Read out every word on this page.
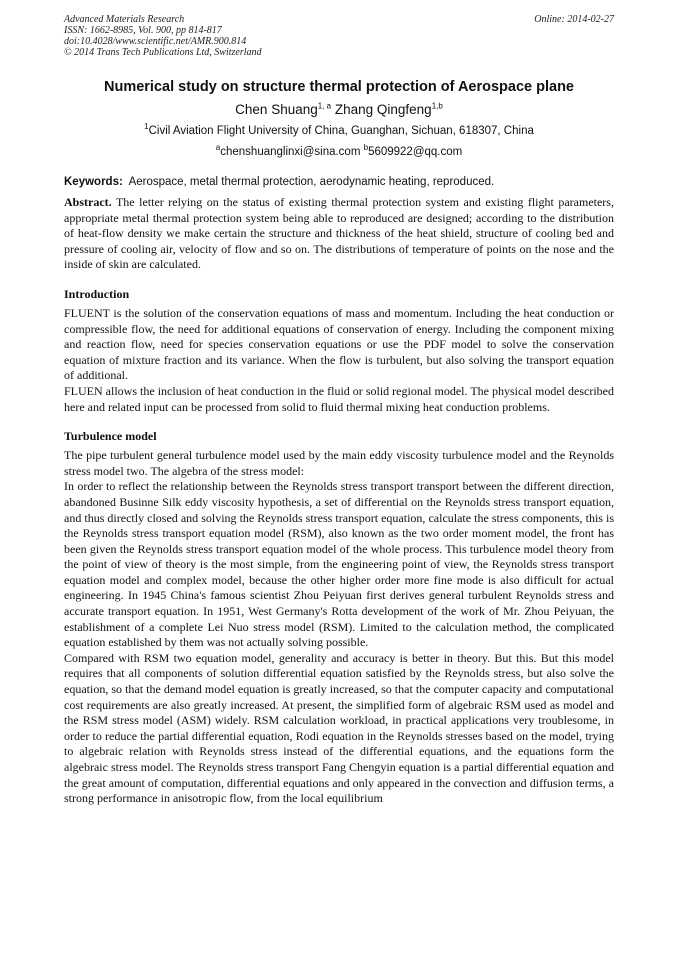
Advanced Materials Research
ISSN: 1662-8985, Vol. 900, pp 814-817
doi:10.4028/www.scientific.net/AMR.900.814
© 2014 Trans Tech Publications Ltd, Switzerland
Online: 2014-02-27
Numerical study on structure thermal protection of Aerospace plane
Chen Shuang$^{1, a}$ Zhang Qingfeng$^{1,b}$
$^1$Civil Aviation Flight University of China, Guanghan, Sichuan, 618307, China
$^a$chenshuanglinxi@sina.com $^b$5609922@qq.com
Keywords: Aerospace, metal thermal protection, aerodynamic heating, reproduced.

Abstract. The letter relying on the status of existing thermal protection system and existing flight parameters, appropriate metal thermal protection system being able to reproduced are designed; according to the distribution of heat-flow density we make certain the structure and thickness of the heat shield, structure of cooling bed and pressure of cooling air, velocity of flow and so on. The distributions of temperature of points on the nose and the inside of skin are calculated.

Introduction

FLUENT is the solution of the conservation equations of mass and momentum. Including the heat conduction or compressible flow, the need for additional equations of conservation of energy. Including the component mixing and reaction flow, need for species conservation equations or use the PDF model to solve the conservation equation of mixture fraction and its variance. When the flow is turbulent, but also solving the transport equation of additional.

FLUEN allows the inclusion of heat conduction in the fluid or solid regional model. The physical model described here and related input can be processed from solid to fluid thermal mixing heat conduction problems.

Turbulence model

The pipe turbulent general turbulence model used by the main eddy viscosity turbulence model and the Reynolds stress model two. The algebra of the stress model:

In order to reflect the relationship between the Reynolds stress transport transport between the different direction, abandoned Businne Silk eddy viscosity hypothesis, a set of differential on the Reynolds stress transport equation, and thus directly closed and solving the Reynolds stress transport equation, calculate the stress components, this is the Reynolds stress transport equation model (RSM), also known as the two order moment model, the front has been given the Reynolds stress transport equation model of the whole process. This turbulence model theory from the point of view of theory is the most simple, from the engineering point of view, the Reynolds stress transport equation model and complex model, because the other higher order more fine mode is also difficult for actual engineering. In 1945 China's famous scientist Zhou Peiyuan first derives general turbulent Reynolds stress and accurate transport equation. In 1951, West Germany's Rotta development of the work of Mr. Zhou Peiyuan, the establishment of a complete Lei Nuo stress model (RSM). Limited to the calculation method, the complicated equation established by them was not actually solving possible.

Compared with RSM two equation model, generality and accuracy is better in theory. But this. But this model requires that all components of solution differential equation satisfied by the Reynolds stress, but also solve the equation, so that the demand model equation is greatly increased, so that the computer capacity and computational cost requirements are also greatly increased. At present, the simplified form of algebraic RSM used as model and the RSM stress model (ASM) widely. RSM calculation workload, in practical applications very troublesome, in order to reduce the partial differential equation, Rodi equation in the Reynolds stresses based on the model, trying to algebraic relation with Reynolds stress instead of the differential equations, and the equations form the algebraic stress model. The Reynolds stress transport Fang Chengyin equation is a partial differential equation and the great amount of computation, differential equations and only appeared in the convection and diffusion terms, a strong performance in anisotropic flow, from the local equilibrium
